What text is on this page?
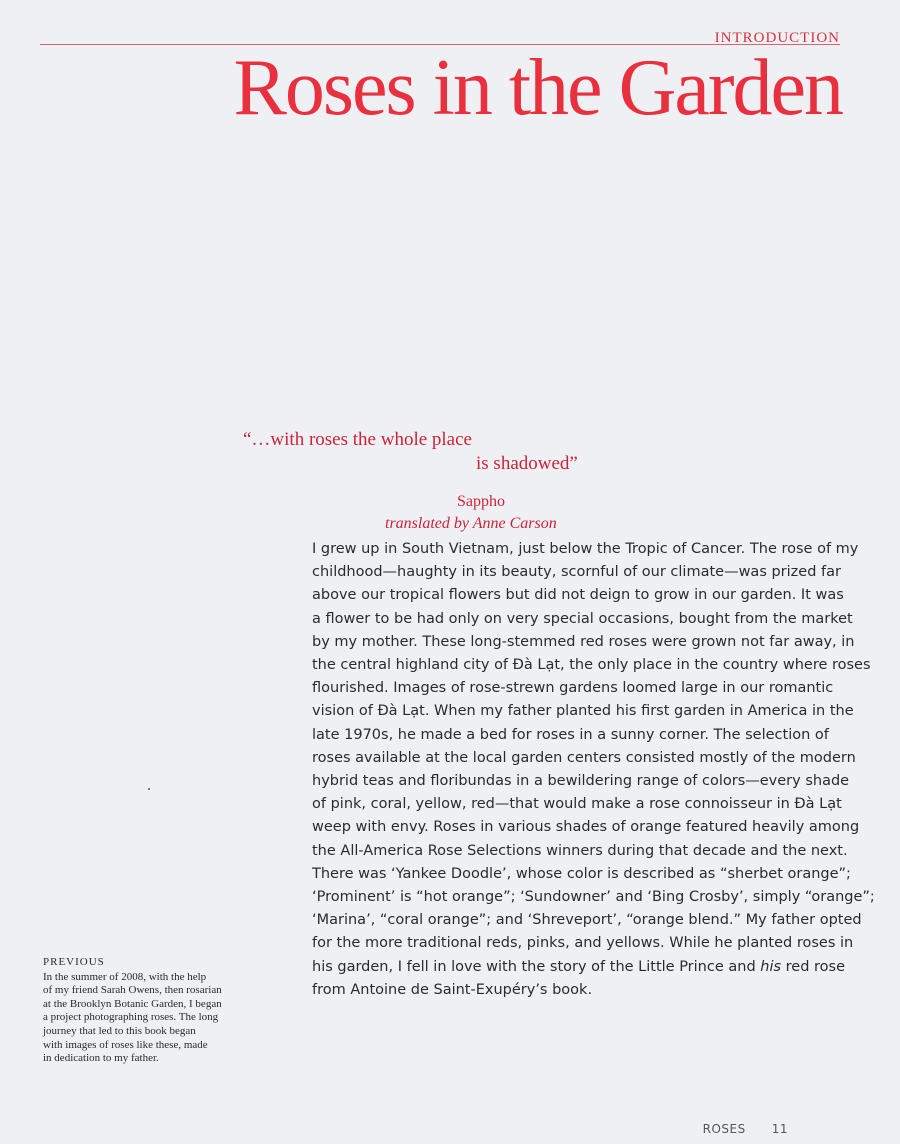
INTRODUCTION
Roses in the Garden
“…with roses the whole place
is shadowed”
Sappho
translated by Anne Carson

I grew up in South Vietnam, just below the Tropic of Cancer. The rose of my
childhood—haughty in its beauty, scornful of our climate—was prized far
above our tropical flowers but did not deign to grow in our garden. It was
a flower to be had only on very special occasions, bought from the market
by my mother. These long-stemmed red roses were grown not far away, in
the central highland city of Đà Lạt, the only place in the country where roses
flourished. Images of rose-strewn gardens loomed large in our romantic
vision of Đà Lạt. When my father planted his first garden in America in the
late 1970s, he made a bed for roses in a sunny corner. The selection of
roses available at the local garden centers consisted mostly of the modern
hybrid teas and floribundas in a bewildering range of colors—every shade
of pink, coral, yellow, red—that would make a rose connoisseur in Đà Lạt
weep with envy. Roses in various shades of orange featured heavily among
the All-America Rose Selections winners during that decade and the next.
There was ‘Yankee Doodle’, whose color is described as “sherbet orange”;
‘Prominent’ is “hot orange”; ‘Sundowner’ and ‘Bing Crosby’, simply “orange”;
‘Marina’, “coral orange”; and ‘Shreveport’, “orange blend.” My father opted
for the more traditional reds, pinks, and yellows. While he planted roses in
his garden, I fell in love with the story of the Little Prince and his red rose
from Antoine de Saint-Exupéry’s book.

PREVIOUS
In the summer of 2008, with the help
of my friend Sarah Owens, then rosarian
at the Brooklyn Botanic Garden, I began
a project photographing roses. The long
journey that led to this book began
with images of roses like these, made
in dedication to my father.
ROSES 11
